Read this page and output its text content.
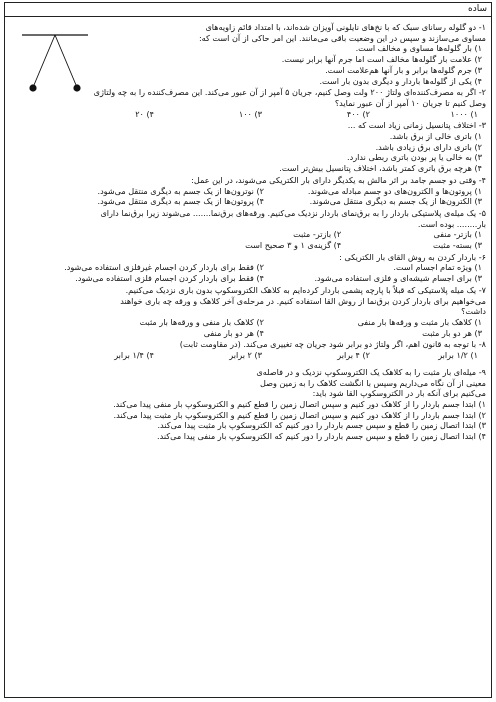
ساده
۱- دو گلوله رسانای سبک که با نخ‌های نایلونی آویزان شده‌اند، با امتداد قائم زاویه‌های
مساوی می‌سازند و سپس در این وضعیت باقی می‌مانند. این امر حاکی از آن است که:
۱) بار گلوله‌ها مساوی و مخالف است.
۲) علامت بار گلوله‌ها مخالف است اما جرم آنها برابر نیست.
۳) جرم گلوله‌ها برابر و بار آنها هم‌علامت است.
۴) یکی از گلوله‌ها باردار و دیگری بدون بار است.
۲- اگر به مصرف‌کننده‌ای ولتاژ ۲۰۰ ولت وصل کنیم، جریان ۵ آمپر از آن عبور می‌کند. این مصرف‌کننده را به چه ولتاژی
وصل کنیم تا جریان ۱۰ آمپر از آن عبور نماید؟
۱) ۱۰۰۰
۲) ۴۰۰
۳) ۱۰۰
۴) ۲۰
۳- اختلاف پتانسیل زمانی زیاد است که ...
۱) باتری خالی از برق باشد.
۲) باتری دارای برق زیادی باشد.
۳) به خالی یا پر بودن باتری ربطی ندارد.
۴) هرچه برق باتری کمتر باشد، اختلاف پتانسیل بیش‌تر است.
۴- وقتی دو جسم جامد بر اثر مالش به یکدیگر دارای بار الکتریکی می‌شوند، در این عمل:
۱) پروتون‌ها و الکترون‌های دو جسم مبادله می‌شوند.
۲) نوترون‌ها از یک جسم به دیگری منتقل می‌شود.
۳) الکترون‌ها از یک جسم به دیگری منتقل می‌شوند.
۴) پروتون‌ها از یک جسم به دیگری منتقل می‌شود.
۵- یک میله‌ی پلاستیکی باردار را به برق‌نمای باردار نزدیک می‌کنیم. ورقه‌های برق‌نما....... می‌شوند زیرا برق‌نما دارای
بار........ بوده است.
۱) بازتر- منفی
۲) بازتر- مثبت
۳) بسته- مثبت
۴) گزینه‌ی ۱ و ۳ صحیح است
۶- باردار کردن به روش القای بار الکتریکی :
۱) ویژه تمام اجسام است.
۲) فقط برای باردار کردن اجسام غیرفلزی استفاده می‌شود.
۳) برای اجسام شیشه‌ای و فلزی استفاده می‌شود.
۴) فقط برای باردار کردن اجسام فلزی استفاده می‌شود.
۷- یک میله پلاستیکی که قبلاً با پارچه پشمی باردار کرده‌ایم به کلاهک الکتروسکوپ بدون باری نزدیک می‌کنیم.
می‌خواهیم برای باردار کردن برق‌نما از روش القا استفاده کنیم. در مرحله‌ی آخر کلاهک و ورقه چه باری خواهند
داشت؟
۱) کلاهک بار مثبت و ورقه‌ها بار منفی
۲) کلاهک بار منفی و ورقه‌ها بار مثبت
۳) هر دو بار مثبت
۴) هر دو بار منفی
۸- با توجه به قانون اهم، اگر ولتاژ دو برابر شود جریان چه تغییری می‌کند. (در مقاومت ثابت)
۱) ۱/۲ برابر
۲) ۴ برابر
۳) ۲ برابر
۴) ۱/۴ برابر
۹- میله‌ای بار مثبت را به کلاهک یک الکتروسکوپ نزدیک و در فاصله‌ی
معینی از آن نگاه می‌داریم وسپس با انگشت کلاهک را به زمین وصل
می‌کنیم برای آنکه بار در الکتروسکوپ القا شود باید:
۱) ابتدا جسم باردار را از کلاهک دور کنیم و سپس اتصال زمین را قطع کنیم و الکتروسکوپ بار منفی پیدا می‌کند.
۲) ابتدا جسم باردار را از کلاهک دور کنیم و سپس اتصال زمین را قطع کنیم و الکتروسکوپ بار مثبت پیدا می‌کند.
۳) ابتدا اتصال زمین را قطع و سپس جسم باردار را دور کنیم که الکتروسکوپ بار مثبت پیدا می‌کند.
۴) ابتدا اتصال زمین را قطع و سپس جسم باردار را دور کنیم که الکتروسکوپ بار منفی پیدا می‌کند.
